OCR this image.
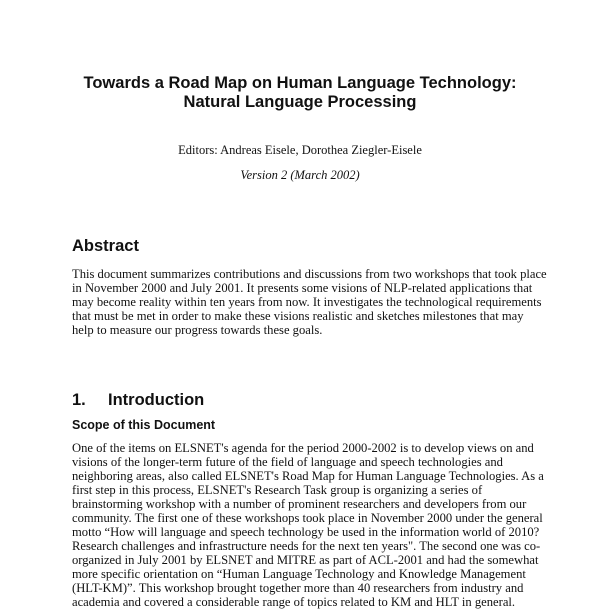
Towards a Road Map on Human Language Technology:
Natural Language Processing
Editors: Andreas Eisele, Dorothea Ziegler-Eisele
Version 2 (March 2002)
Abstract
This document summarizes contributions and discussions from two workshops that took place
in November 2000 and July 2001. It presents some visions of NLP-related applications that
may become reality within ten years from now. It investigates the technological requirements
that must be met in order to make these visions realistic and sketches milestones that may
help to measure our progress towards these goals.
1. Introduction
Scope of this Document
One of the items on ELSNET's agenda for the period 2000-2002 is to develop views on and
visions of the longer-term future of the field of language and speech technologies and
neighboring areas, also called ELSNET's Road Map for Human Language Technologies. As a
first step in this process, ELSNET's Research Task group is organizing a series of
brainstorming workshop with a number of prominent researchers and developers from our
community. The first one of these workshops took place in November 2000 under the general
motto “How will language and speech technology be used in the information world of 2010?
Research challenges and infrastructure needs for the next ten years". The second one was co-
organized in July 2001 by ELSNET and MITRE as part of ACL-2001 and had the somewhat
more specific orientation on “Human Language Technology and Knowledge Management
(HLT-KM)”. This workshop brought together more than 40 researchers from industry and
academia and covered a considerable range of topics related to KM and HLT in general.
